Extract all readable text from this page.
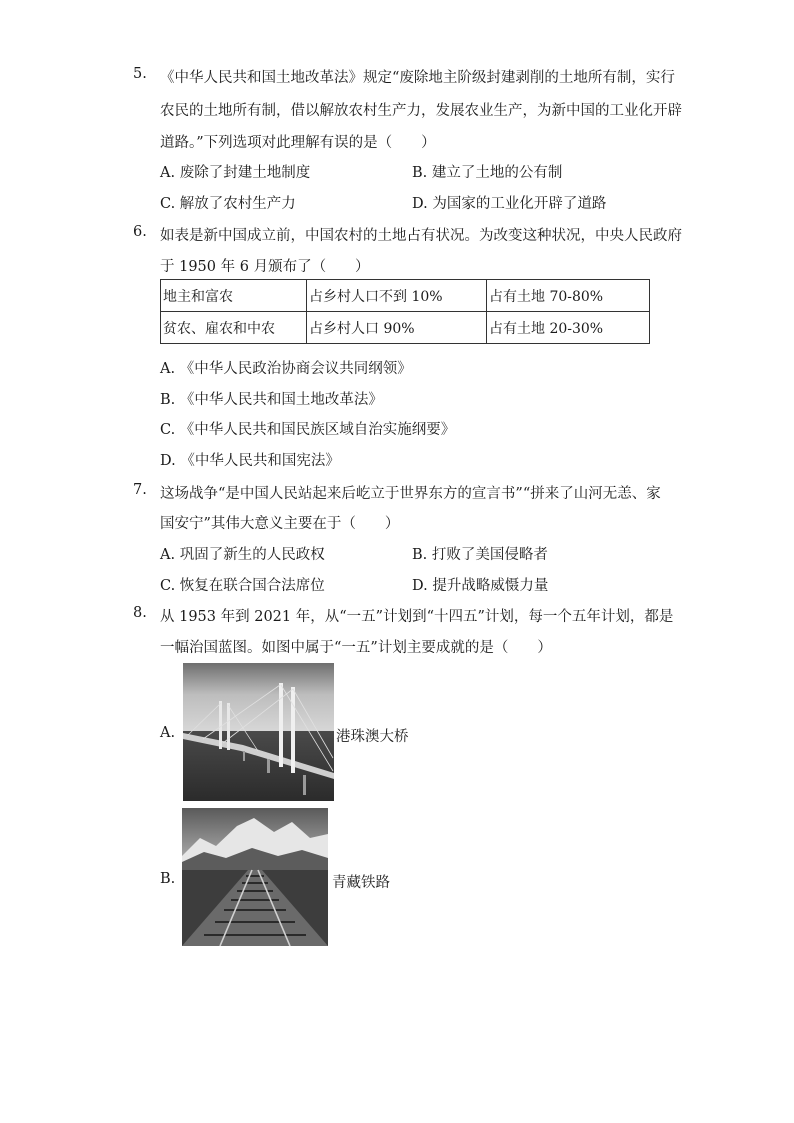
5. 《中华人民共和国土地改革法》规定“废除地主阶级封建剥削的土地所有制，实行
农民的土地所有制，借以解放农村生产力，发展农业生产，为新中国的工业化开辟
道路。”下列选项对此理解有误的是（　　）
A. 废除了封建土地制度	B. 建立了土地的公有制
C. 解放了农村生产力	D. 为国家的工业化开辟了道路
6. 如表是新中国成立前，中国农村的土地占有状况。为改变这种状况，中央人民政府
于 1950 年 6 月颁布了（　　）
地主和富农	占乡村人口不到 10%	占有土地 70-80%
贫农、雇农和中农	占乡村人口 90%	占有土地 20-30%
A. 《中华人民政治协商会议共同纲领》
B. 《中华人民共和国土地改革法》
C. 《中华人民共和国民族区域自治实施纲要》
D. 《中华人民共和国宪法》
7. 这场战争“是中国人民站起来后屹立于世界东方的宣言书”“拼来了山河无恙、家
国安宁”其伟大意义主要在于（　　）
A. 巩固了新生的人民政权	B. 打败了美国侵略者
C. 恢复在联合国合法席位	D. 提升战略威慑力量
8. 从 1953 年到 2021 年，从“一五”计划到“十四五”计划，每一个五年计划，都是
一幅治国蓝图。如图中属于“一五”计划主要成就的是（　　）
A.	港珠澳大桥
B.	青藏铁路
